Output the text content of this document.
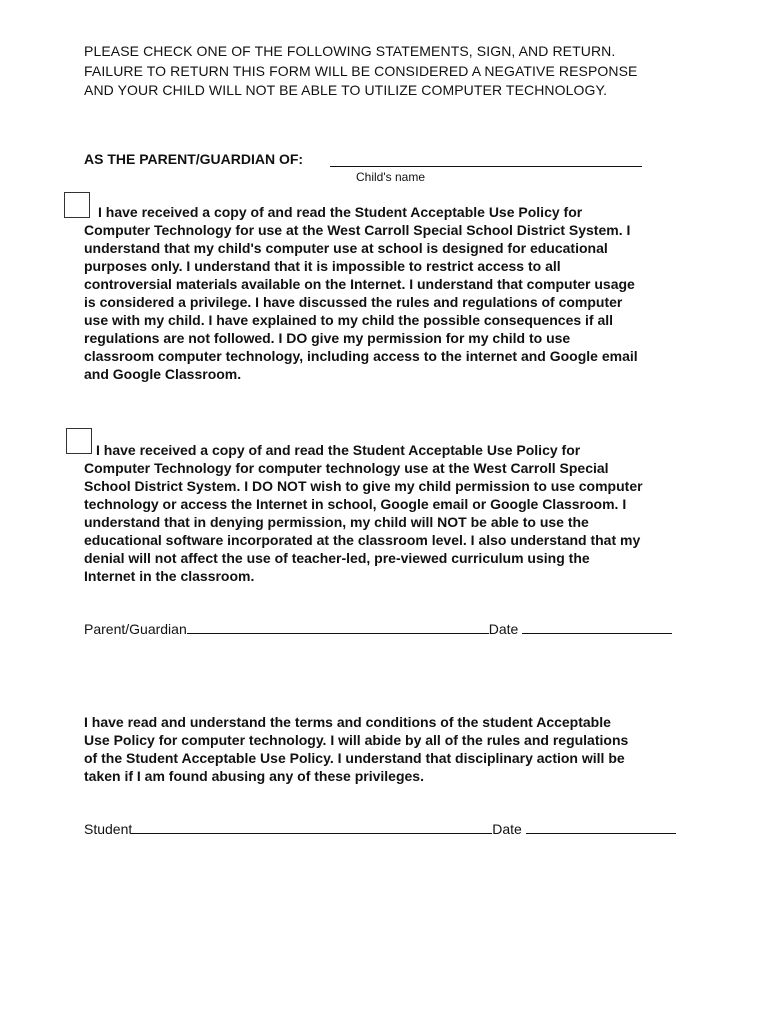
PLEASE CHECK ONE OF THE FOLLOWING STATEMENTS, SIGN, AND RETURN.
FAILURE TO RETURN THIS FORM WILL BE CONSIDERED A NEGATIVE RESPONSE
AND YOUR CHILD WILL NOT BE ABLE TO UTILIZE COMPUTER TECHNOLOGY.
AS THE PARENT/GUARDIAN OF:
Child's name
I have received a copy of and read the Student Acceptable Use Policy for
Computer Technology for use at the West Carroll Special School District System. I
understand that my child's computer use at school is designed for educational
purposes only. I understand that it is impossible to restrict access to all
controversial materials available on the Internet. I understand that computer usage
is considered a privilege. I have discussed the rules and regulations of computer
use with my child. I have explained to my child the possible consequences if all
regulations are not followed. I DO give my permission for my child to use
classroom computer technology, including access to the internet and Google email
and Google Classroom.
I have received a copy of and read the Student Acceptable Use Policy for
Computer Technology for computer technology use at the West Carroll Special
School District System. I DO NOT wish to give my child permission to use computer
technology or access the Internet in school, Google email or Google Classroom. I
understand that in denying permission, my child will NOT be able to use the
educational software incorporated at the classroom level. I also understand that my
denial will not affect the use of teacher-led, pre-viewed curriculum using the
Internet in the classroom.
Parent/Guardian	Date
I have read and understand the terms and conditions of the student Acceptable
Use Policy for computer technology. I will abide by all of the rules and regulations
of the Student Acceptable Use Policy. I understand that disciplinary action will be
taken if I am found abusing any of these privileges.
Student	Date
